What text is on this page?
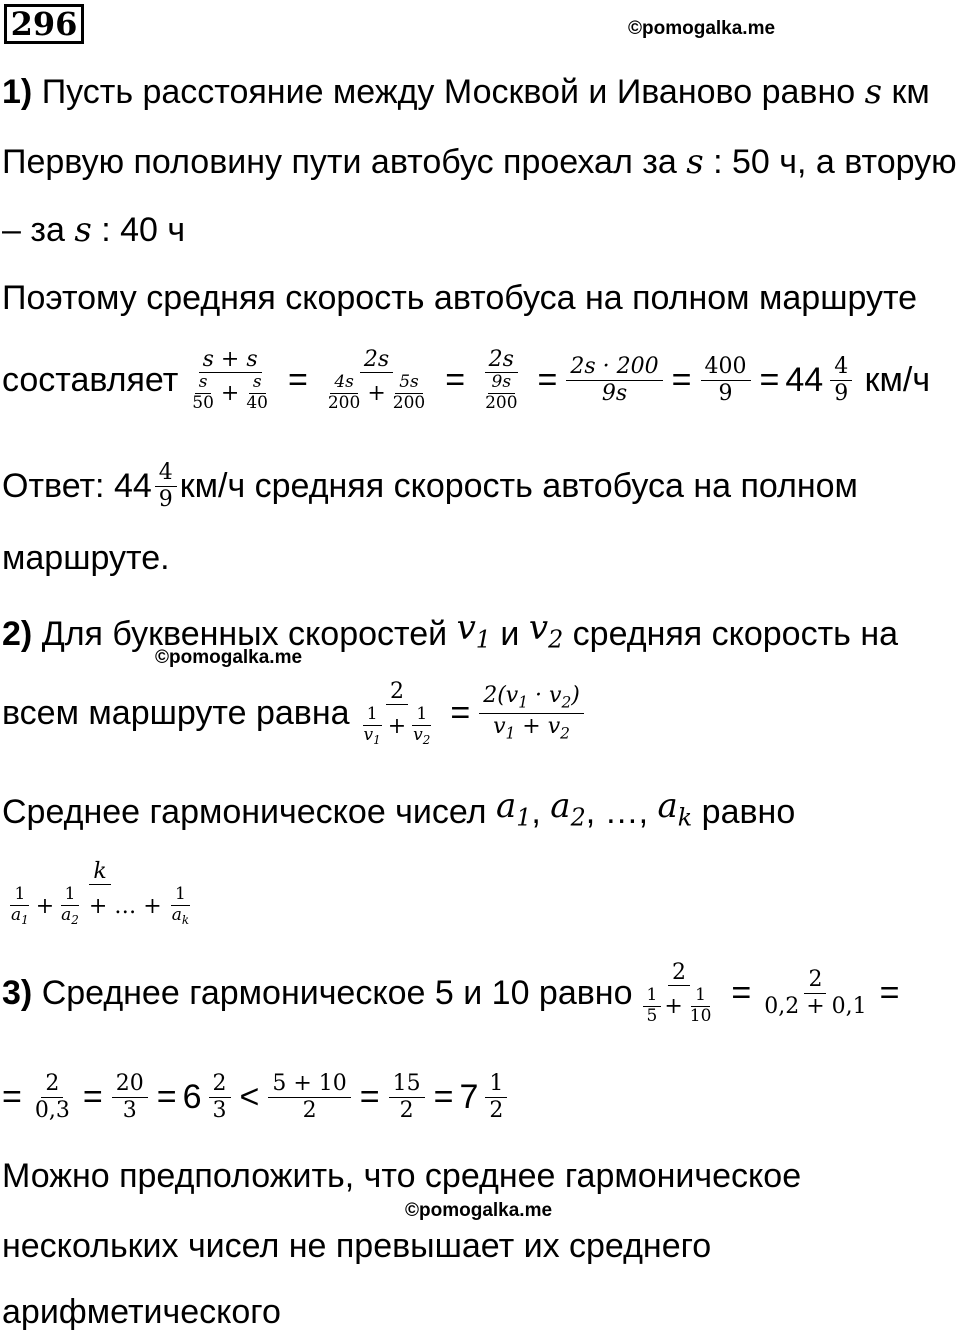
296	©pomogalka.me
1)
Пусть расстояние между Москвой и Иваново равно
s
км
Первую половину пути автобус проехал за
s
: 50 ч, а вторую
– за
s
: 40 ч
Поэтому средняя скорость автобуса на полном маршруте
составляет $\frac{s + s}{\frac{s}{50} + \frac{s}{40}} = \frac{2s}{\frac{4s}{200} + \frac{5s}{200}} = \frac{2s}{\frac{9s}{200}} = \frac{2s \cdot 200}{9s} = \frac{400}{9} = 44 \frac{4}{9}$
км/ч
Ответ: $44 \frac{4}{9} км/ч$ средняя скорость автобуса на полном
маршруте.
2)
Для буквенных скоростей
$v_1$
и
$v_2$
средняя скорость на
©pomogalka.me
всем маршруте равна $\frac{2}{\frac{1}{v_1} + \frac{1}{v_2}} = \frac{2(v_1 \cdot v_2)}{v_1 + v_2}$
Среднее гармоническое чисел
$a_1$ ,
$a_2$ ,
…,
$a_k$
равно
$\frac{k}{\frac{1}{a_1} + \frac{1}{a_2} + \dots + \frac{1}{a_k}}$
3)
Среднее гармоническое 5 и 10 равно $\frac{2}{\frac{1}{5} + \frac{1}{10}} = \frac{2}{0,2 + 0,1}$ =
= $\frac{2}{0,3} = \frac{20}{3} = 6 \frac{2}{3} < \frac{5 + 10}{2} = \frac{15}{2} = 7 \frac{1}{2}$
Можно предположить, что среднее гармоническое
©pomogalka.me
нескольких чисел не превышает их среднего
арифметического
